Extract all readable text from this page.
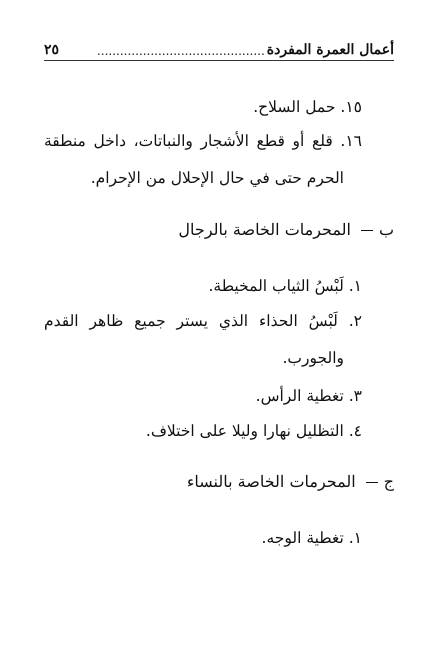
أعمال العمرة المفردة
............................................
٢٥
١٥. حمل السلاح.
١٦. قلع أو قطع الأشجار والنباتات، داخل منطقة
الحرم حتى في حال الإحلال من الإحرام.
بالمحرمات الخاصة بالرجال
١. لَبْسُ الثياب المخيطة.
٢. لَبْسُ الحذاء الذي يستر جميع ظاهر القدم
والجورب.
٣. تغطية الرأس.
٤. التظليل نهارا وليلا على اختلاف.
جالمحرمات الخاصة بالنساء
١. تغطية الوجه.
